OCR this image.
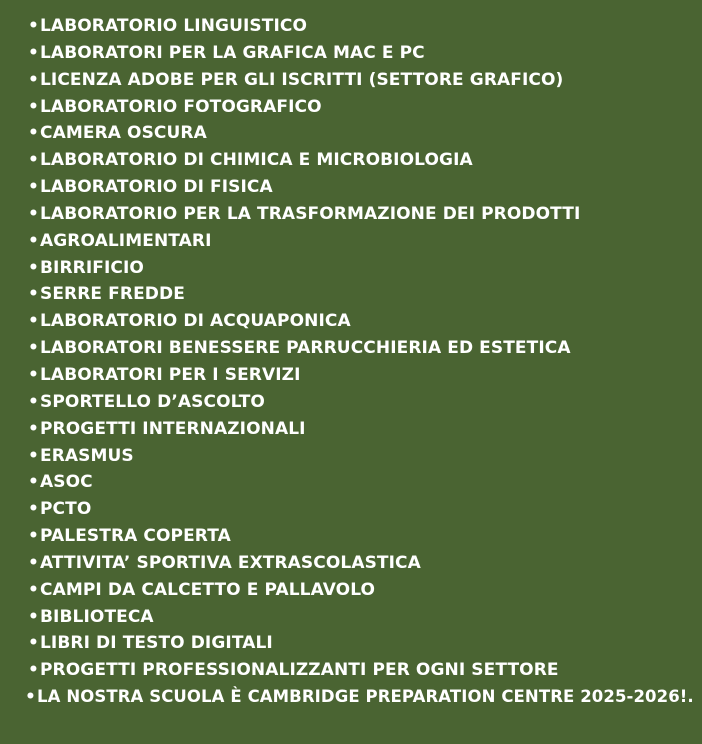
• LABORATORIO LINGUISTICO
• LABORATORI PER LA GRAFICA MAC E PC
• LICENZA ADOBE PER GLI ISCRITTI (SETTORE GRAFICO)
• LABORATORIO FOTOGRAFICO
• CAMERA OSCURA
• LABORATORIO DI CHIMICA E MICROBIOLOGIA
• LABORATORIO DI FISICA
• LABORATORIO PER LA TRASFORMAZIONE DEI PRODOTTI
• AGROALIMENTARI
• BIRRIFICIO
• SERRE FREDDE
• LABORATORIO DI ACQUAPONICA
• LABORATORI BENESSERE PARRUCCHIERIA ED ESTETICA
• LABORATORI PER I SERVIZI
• SPORTELLO D’ASCOLTO
• PROGETTI INTERNAZIONALI
• ERASMUS
• ASOC
• PCTO
• PALESTRA COPERTA
• ATTIVITA’ SPORTIVA EXTRASCOLASTICA
• CAMPI DA CALCETTO E PALLAVOLO
• BIBLIOTECA
• LIBRI DI TESTO DIGITALI
• PROGETTI PROFESSIONALIZZANTI PER OGNI SETTORE
• LA NOSTRA SCUOLA È CAMBRIDGE PREPARATION CENTRE 2025-2026!.
